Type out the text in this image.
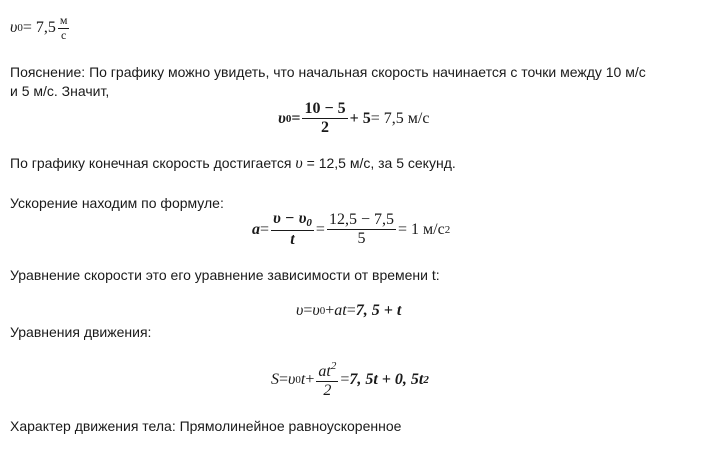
υ $0 = 7,5 \frac{м}{с}$
Пояснение: По графику можно увидеть, что начальная скорость начинается с точки между 10 м/с
и 5 м/с. Значит,
υ $0 = \frac{10 - 5}{2} + 5 = 7,5$ м/с
По графику конечная скорость достигается υ = 12,5 м/с, за 5 секунд.
Ускорение находим по формуле:
$a = \frac{\upsilon - \upsilon_0}{t} = \frac{12,5 - 7,5}{5} = 1$ м/с 2
Уравнение скорости это его уравнение зависимости от времени t:
υ = υ 0 + at = 7, 5 + t
Уравнения движения:
S = υ 0 $t + \frac{at^2}{2} = 7$, 5t + 0, 5t 2
Характер движения тела: Прямолинейное равноускоренное
